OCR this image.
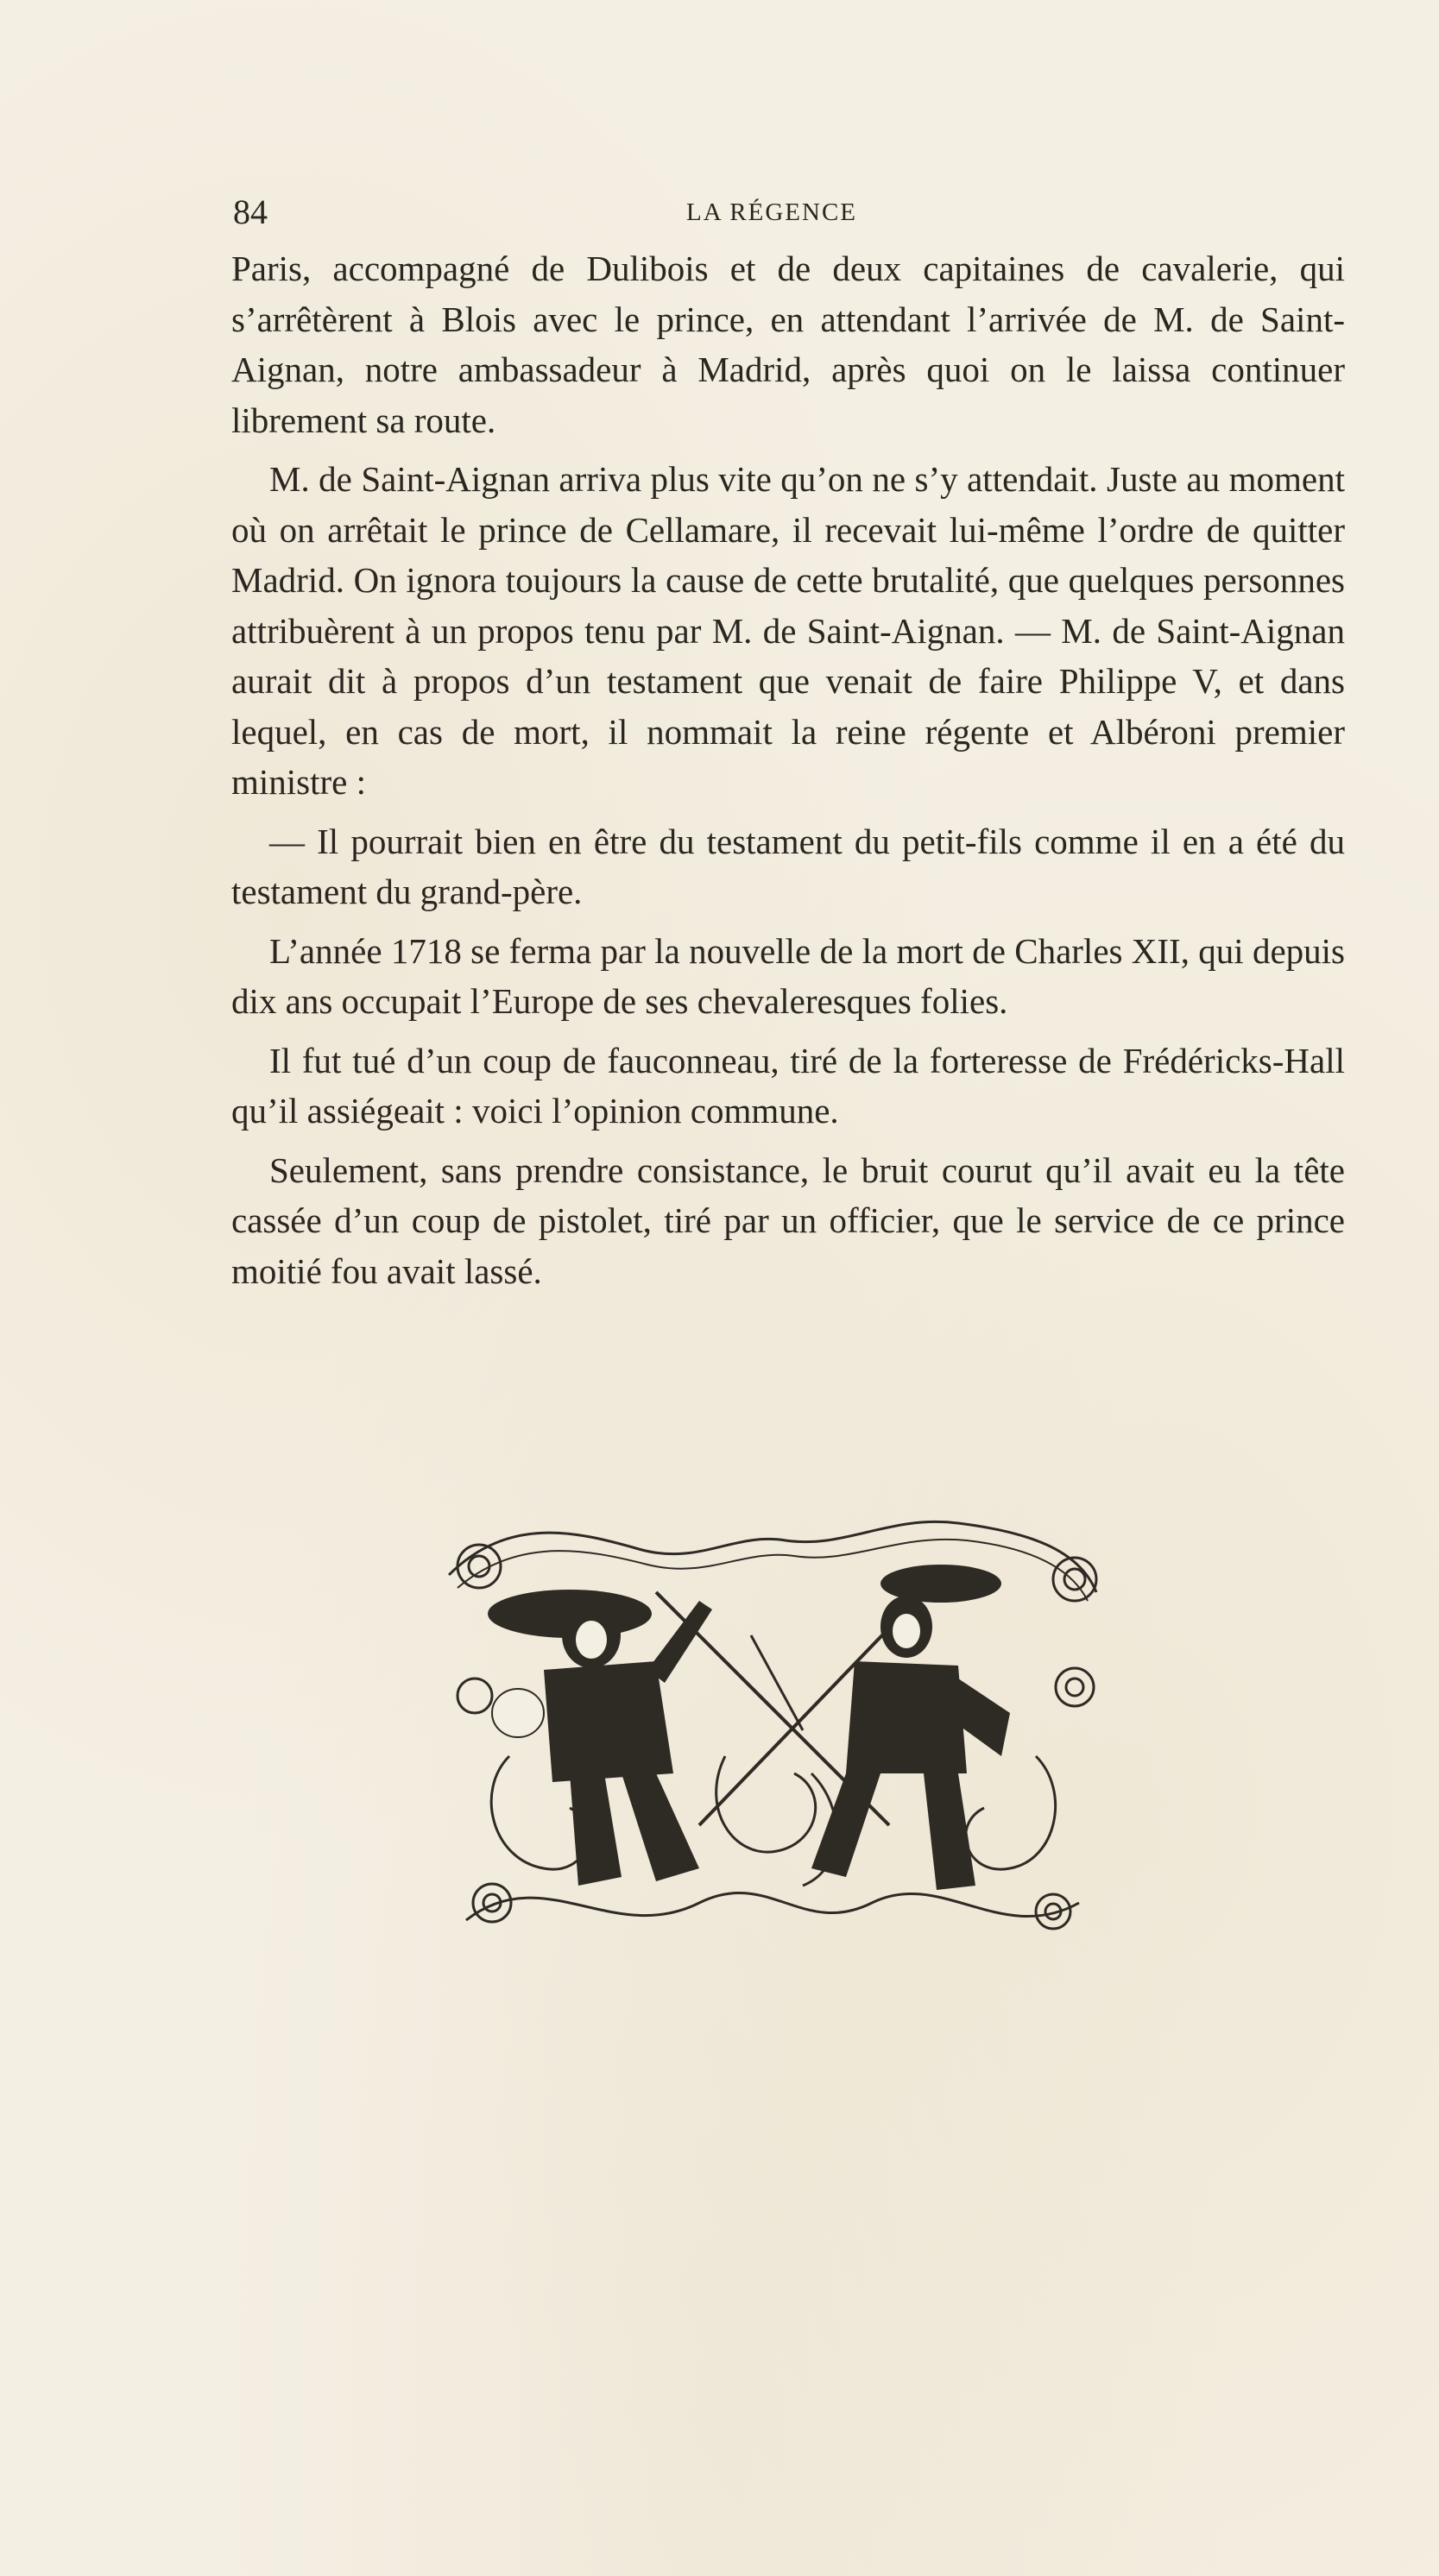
84	LA RÉGENCE

Paris, accompagné de Dulibois et de deux capitaines de cavalerie, qui s’arrêtèrent à Blois avec le prince, en attendant l’arrivée de M. de Saint-Aignan, notre ambassadeur à Madrid, après quoi on le laissa continuer librement sa route.

M. de Saint-Aignan arriva plus vite qu’on ne s’y attendait. Juste au moment où on arrêtait le prince de Cellamare, il recevait lui-même l’ordre de quitter Madrid. On ignora toujours la cause de cette brutalité, que quelques personnes attribuèrent à un propos tenu par M. de Saint-Aignan. — M. de Saint-Aignan aurait dit à propos d’un testament que venait de faire Philippe V, et dans lequel, en cas de mort, il nommait la reine régente et Albéroni premier ministre :

— Il pourrait bien en être du testament du petit-fils comme il en a été du testament du grand-père.

L’année 1718 se ferma par la nouvelle de la mort de Charles XII, qui depuis dix ans occupait l’Europe de ses chevaleresques folies.

Il fut tué d’un coup de fauconneau, tiré de la forteresse de Frédéricks-Hall qu’il assiégeait : voici l’opinion commune.

Seulement, sans prendre consistance, le bruit courut qu’il avait eu la tête cassée d’un coup de pistolet, tiré par un officier, que le service de ce prince moitié fou avait lassé.
